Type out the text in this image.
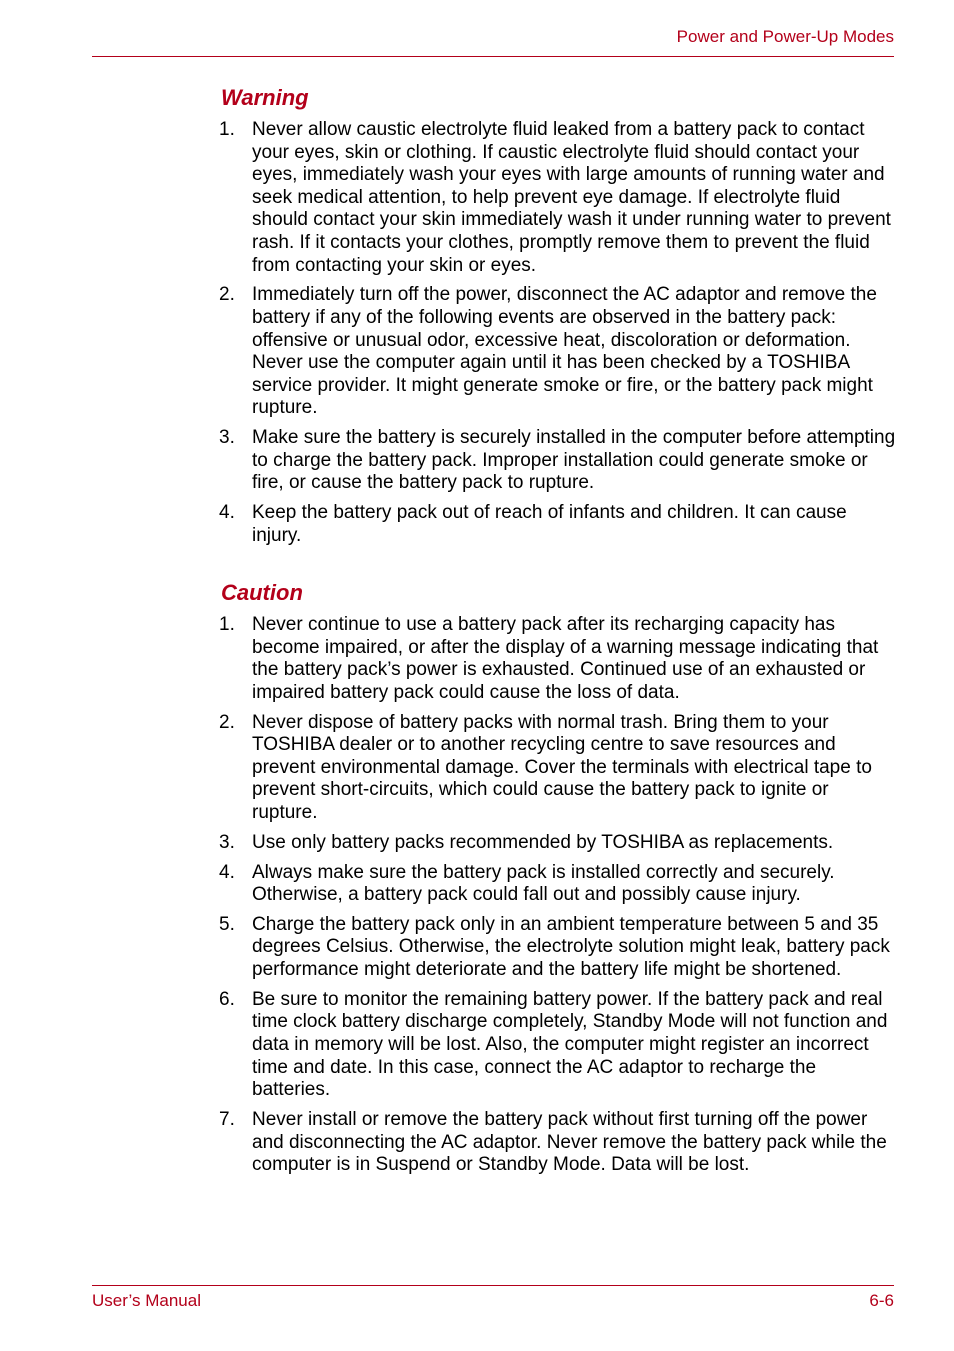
Power and Power-Up Modes
Warning
1. Never allow caustic electrolyte fluid leaked from a battery pack to contact your eyes, skin or clothing. If caustic electrolyte fluid should contact your eyes, immediately wash your eyes with large amounts of running water and seek medical attention, to help prevent eye damage. If electrolyte fluid should contact your skin immediately wash it under running water to prevent rash. If it contacts your clothes, promptly remove them to prevent the fluid from contacting your skin or eyes.
2. Immediately turn off the power, disconnect the AC adaptor and remove the battery if any of the following events are observed in the battery pack: offensive or unusual odor, excessive heat, discoloration or deformation. Never use the computer again until it has been checked by a TOSHIBA service provider. It might generate smoke or fire, or the battery pack might rupture.
3. Make sure the battery is securely installed in the computer before attempting to charge the battery pack. Improper installation could generate smoke or fire, or cause the battery pack to rupture.
4. Keep the battery pack out of reach of infants and children. It can cause injury.
Caution
1. Never continue to use a battery pack after its recharging capacity has become impaired, or after the display of a warning message indicating that the battery pack’s power is exhausted. Continued use of an exhausted or impaired battery pack could cause the loss of data.
2. Never dispose of battery packs with normal trash. Bring them to your TOSHIBA dealer or to another recycling centre to save resources and prevent environmental damage. Cover the terminals with electrical tape to prevent short-circuits, which could cause the battery pack to ignite or rupture.
3. Use only battery packs recommended by TOSHIBA as replacements.
4. Always make sure the battery pack is installed correctly and securely. Otherwise, a battery pack could fall out and possibly cause injury.
5. Charge the battery pack only in an ambient temperature between 5 and 35 degrees Celsius. Otherwise, the electrolyte solution might leak, battery pack performance might deteriorate and the battery life might be shortened.
6. Be sure to monitor the remaining battery power. If the battery pack and real time clock battery discharge completely, Standby Mode will not function and data in memory will be lost. Also, the computer might register an incorrect time and date. In this case, connect the AC adaptor to recharge the batteries.
7. Never install or remove the battery pack without first turning off the power and disconnecting the AC adaptor. Never remove the battery pack while the computer is in Suspend or Standby Mode. Data will be lost.
User’s Manual	6-6
